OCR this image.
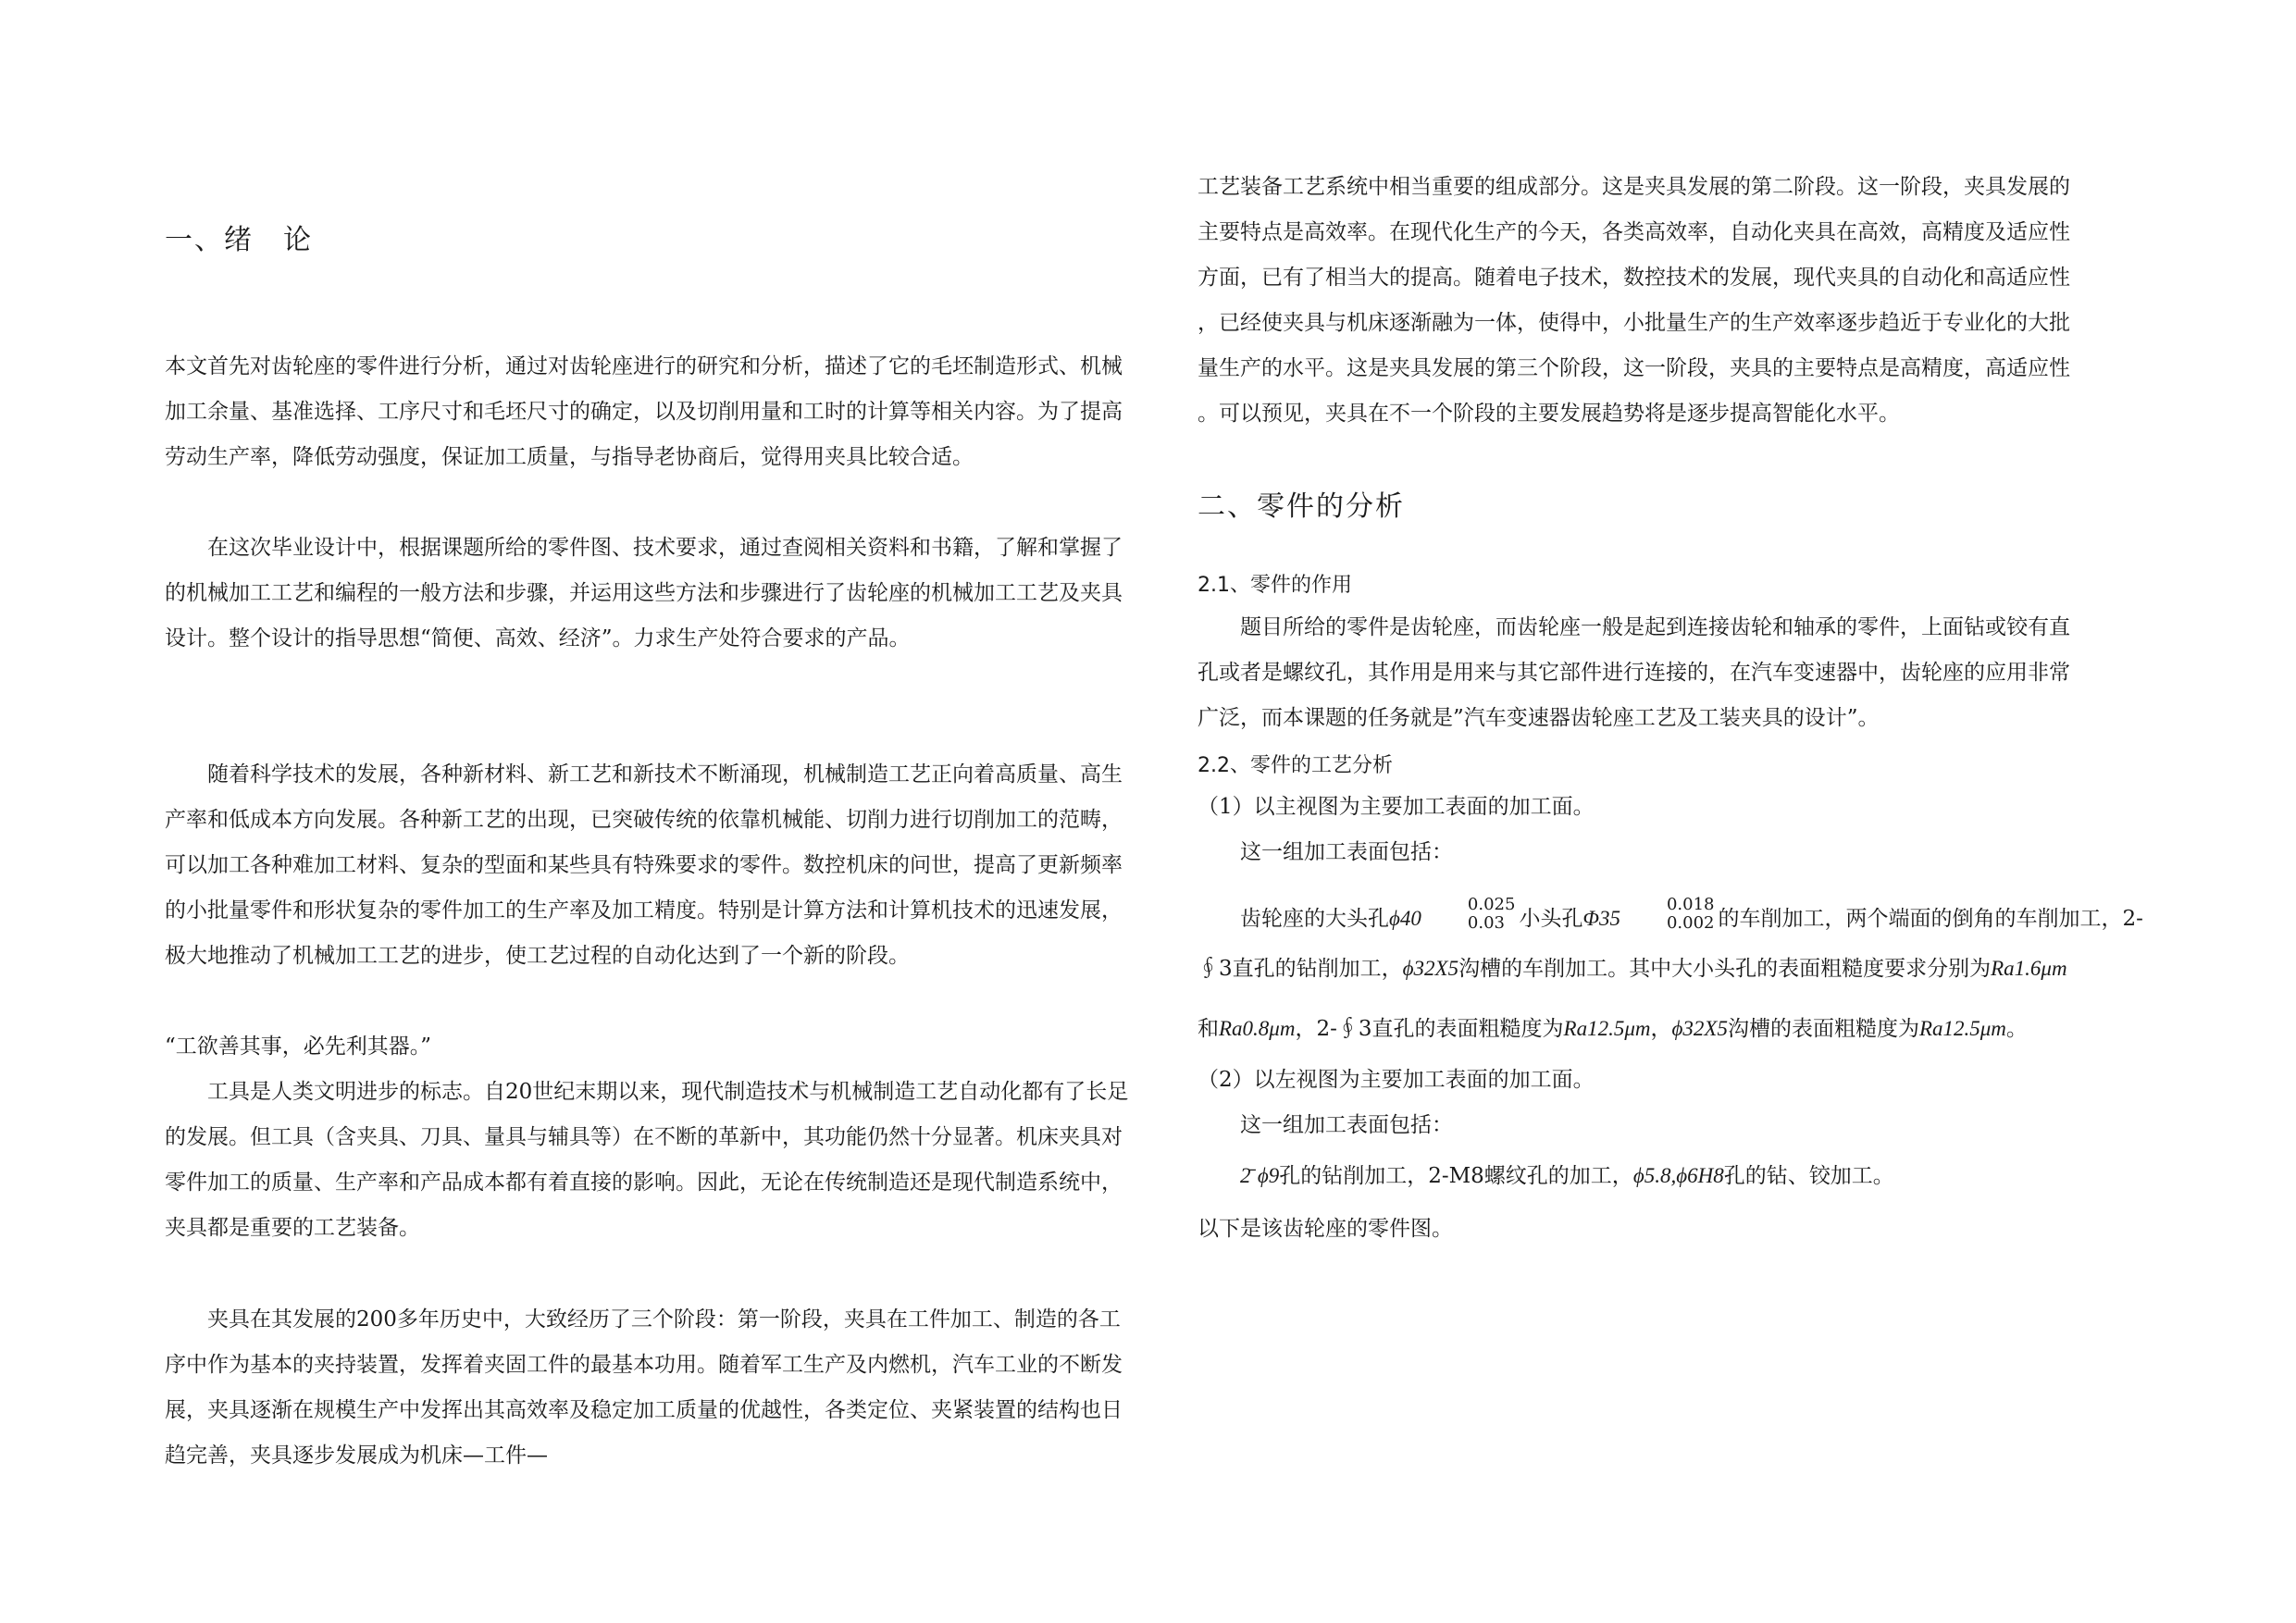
一、绪　论

本文首先对齿轮座的零件进行分析，通过对齿轮座进行的研究和分析，描述了它的毛坯制造形式、机械加工余量、基准选择、工序尺寸和毛坯尺寸的确定，以及切削用量和工时的计算等相关内容。为了提高劳动生产率，降低劳动强度，保证加工质量，与指导老协商后，觉得用夹具比较合适。

在这次毕业设计中，根据课题所给的零件图、技术要求，通过查阅相关资料和书籍，了解和掌握了的机械加工工艺和编程的一般方法和步骤，并运用这些方法和步骤进行了齿轮座的机械加工工艺及夹具设计。整个设计的指导思想“简便、高效、经济”。力求生产处符合要求的产品。

随着科学技术的发展，各种新材料、新工艺和新技术不断涌现，机械制造工艺正向着高质量、高生产率和低成本方向发展。各种新工艺的出现，已突破传统的依靠机械能、切削力进行切削加工的范畴，可以加工各种难加工材料、复杂的型面和某些具有特殊要求的零件。数控机床的问世，提高了更新频率的小批量零件和形状复杂的零件加工的生产率及加工精度。特别是计算方法和计算机技术的迅速发展，极大地推动了机械加工工艺的进步，使工艺过程的自动化达到了一个新的阶段。

“工欲善其事，必先利其器。”

工具是人类文明进步的标志。自20世纪末期以来，现代制造技术与机械制造工艺自动化都有了长足的发展。但工具（含夹具、刀具、量具与辅具等）在不断的革新中，其功能仍然十分显著。机床夹具对零件加工的质量、生产率和产品成本都有着直接的影响。因此，无论在传统制造还是现代制造系统中，夹具都是重要的工艺装备。

夹具在其发展的200多年历史中，大致经历了三个阶段：第一阶段，夹具在工件加工、制造的各工序中作为基本的夹持装置，发挥着夹固工件的最基本功用。随着军工生产及内燃机，汽车工业的不断发展，夹具逐渐在规模生产中发挥出其高效率及稳定加工质量的优越性，各类定位、夹紧装置的结构也日趋完善，夹具逐步发展成为机床—工件—

工艺装备工艺系统中相当重要的组成部分。这是夹具发展的第二阶段。这一阶段，夹具发展的
主要特点是高效率。在现代化生产的今天，各类高效率，自动化夹具在高效，高精度及适应性
方面，已有了相当大的提高。随着电子技术，数控技术的发展，现代夹具的自动化和高适应性
，已经使夹具与机床逐渐融为一体，使得中，小批量生产的生产效率逐步趋近于专业化的大批
量生产的水平。这是夹具发展的第三个阶段，这一阶段，夹具的主要特点是高精度，高适应性
。可以预见，夹具在不一个阶段的主要发展趋势将是逐步提高智能化水平。
二、零件的分析
2.1、零件的作用
题目所给的零件是齿轮座，而齿轮座一般是起到连接齿轮和轴承的零件，上面钻或铰有直
孔或者是螺纹孔，其作用是用来与其它部件进行连接的，在汽车变速器中，齿轮座的应用非常
广泛，而本课题的任务就是”汽车变速器齿轮座工艺及工装夹具的设计”。
2.2、零件的工艺分析
（1）以主视图为主要加工表面的加工面。
这一组加工表面包括：
齿轮座的大头孔ϕ40
0.025
0.03 小头孔Φ35
0.018
0.002 的车削加工，两个端面的倒角的车削加工，2-
∮3直孔的钻削加工，ϕ32X5沟槽的车削加工。其中大小头孔的表面粗糙度要求分别为Ra1.6μm
和Ra0.8μm，2-∮3直孔的表面粗糙度为Ra12.5μm，ϕ32X5沟槽的表面粗糙度为Ra12.5μm。
（2）以左视图为主要加工表面的加工面。
这一组加工表面包括：
2̄ ϕ9孔的钻削加工，2-M8螺纹孔的加工，ϕ5.8,ϕ6H8孔的钻、铰加工。
以下是该齿轮座的零件图。
